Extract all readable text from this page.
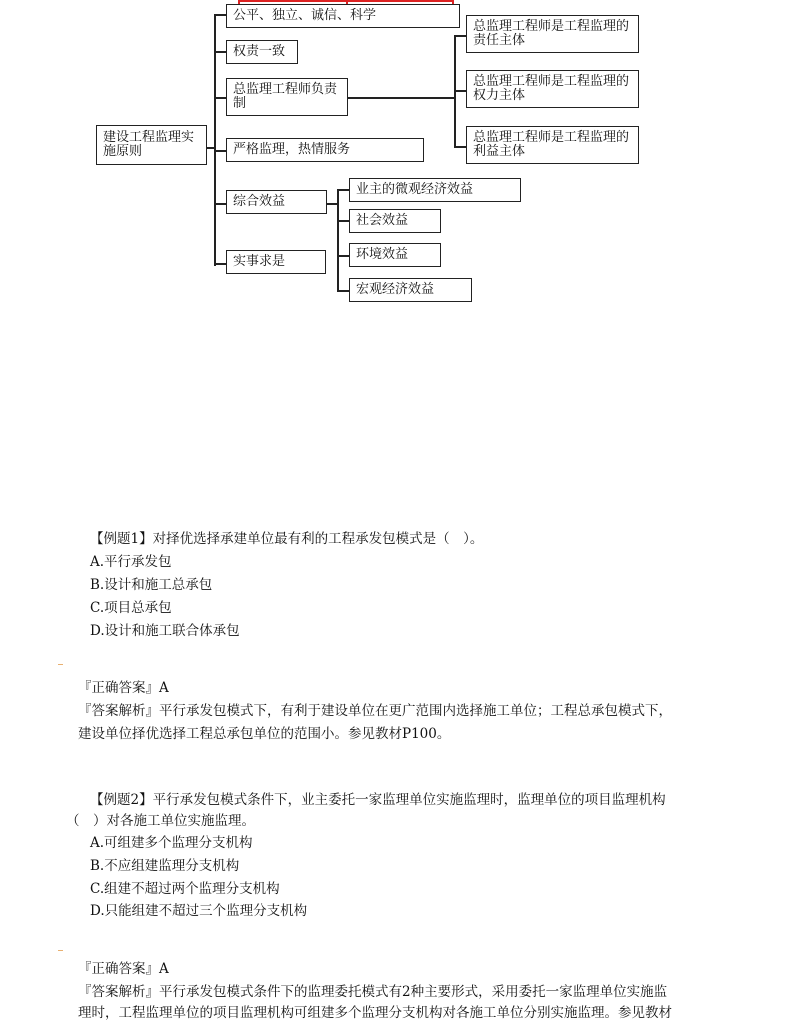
建设工程监理实施原则
公平、独立、诚信、科学
权责一致
总监理工程师负责制
严格监理，热情服务
综合效益
实事求是
总监理工程师是工程监理的责任主体
总监理工程师是工程监理的权力主体
总监理工程师是工程监理的利益主体
业主的微观经济效益
社会效益
环境效益
宏观经济效益
【例题1】对择优选择承建单位最有利的工程承发包模式是（　）。
A.平行承发包
B.设计和施工总承包
C.项目总承包
D.设计和施工联合体承包
『正确答案』A
『答案解析』平行承发包模式下，有利于建设单位在更广范围内选择施工单位；工程总承包模式下，
建设单位择优选择工程总承包单位的范围小。参见教材P100。
【例题2】平行承发包模式条件下，业主委托一家监理单位实施监理时，监理单位的项目监理机构
（　）对各施工单位实施监理。
A.可组建多个监理分支机构
B.不应组建监理分支机构
C.组建不超过两个监理分支机构
D.只能组建不超过三个监理分支机构
『正确答案』A
『答案解析』平行承发包模式条件下的监理委托模式有2种主要形式，采用委托一家监理单位实施监
理时，工程监理单位的项目监理机构可组建多个监理分支机构对各施工单位分别实施监理。参见教材
